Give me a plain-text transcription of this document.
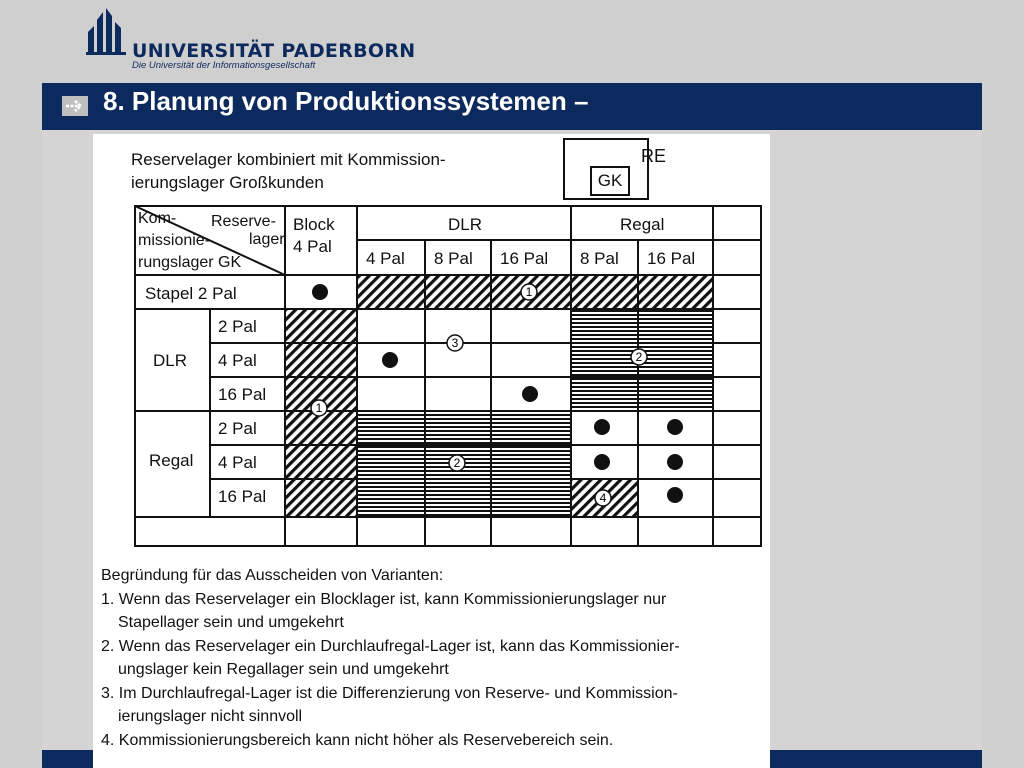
UNIVERSITÄT PADERBORN
Die Universität der Informationsgesellschaft
8. Planung von Produktionssystemen –
Reserve-
lager
Kom-
missionie-
rungslager GK
Block
4 Pal
DLR	Regal
4 Pal 8 Pal 16 Pal 8 Pal 16 Pal
Stapel 2 Pal
DLR
Regal
2 Pal
4 Pal
16 Pal
2 Pal
4 Pal
16 Pal
1
1
2
2
3
4
Reservelager kombiniert mit Kommission-
ierungslager Großkunden
RE
GK
Begründung für das Ausscheiden von Varianten:
1. Wenn das Reservelager ein Blocklager ist, kann Kommissionierungslager nur
Stapellager sein und umgekehrt
2. Wenn das Reservelager ein Durchlaufregal-Lager ist, kann das Kommissionier-
ungslager kein Regallager sein und umgekehrt
3. Im Durchlaufregal-Lager ist die Differenzierung von Reserve- und Kommission-
ierungslager nicht sinnvoll
4. Kommissionierungsbereich kann nicht höher als Reservebereich sein.
